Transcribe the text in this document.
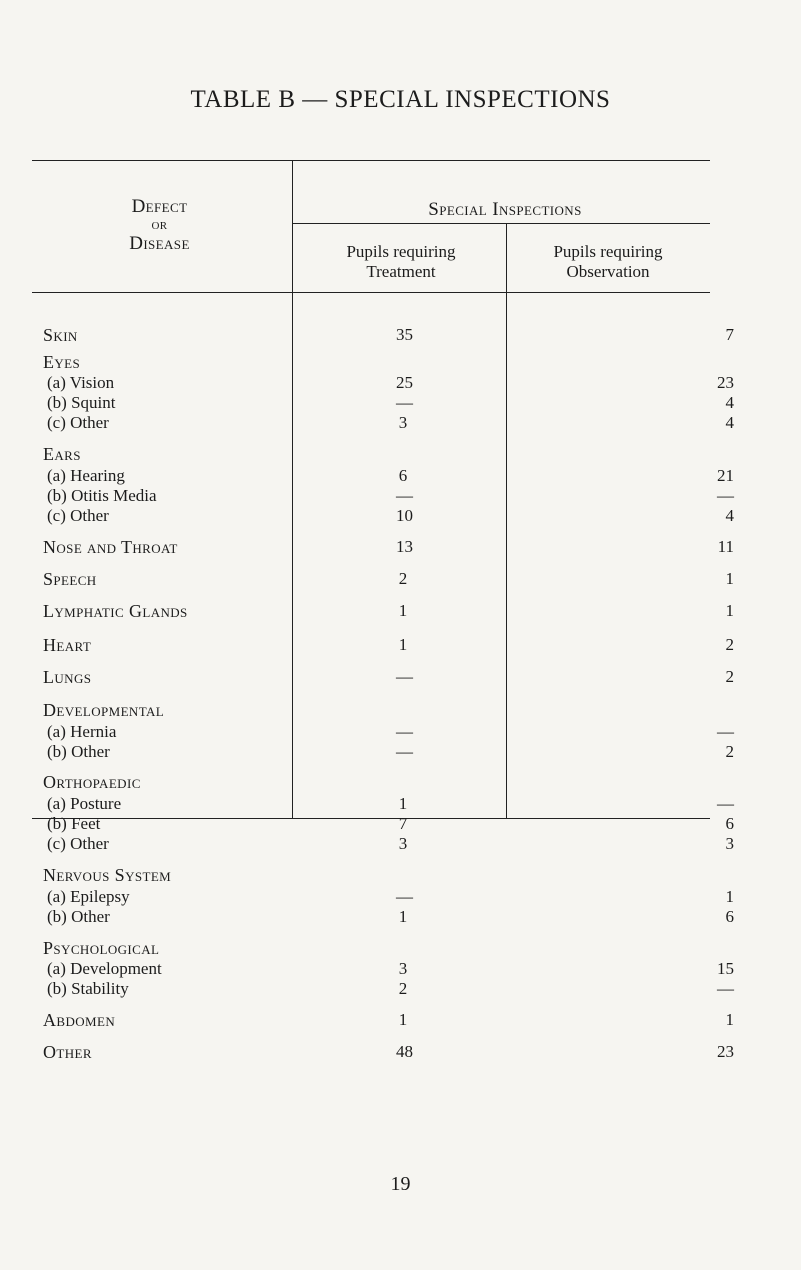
TABLE B — SPECIAL INSPECTIONS
Defect
or
Disease
Special Inspections
Pupils requiring
Treatment
Pupils requiring
Observation
Skin	35	7
Eyes
(a) Vision	25	23
(b) Squint	—	4
(c) Other	3	4
Ears
(a) Hearing	6	21
(b) Otitis Media	—	—
(c) Other	10	4
Nose and Throat	13	11
Speech	2	1
Lymphatic Glands	1	1
Heart	1	2
Lungs	—	2
Developmental
(a) Hernia	—	—
(b) Other	—	2
Orthopaedic
(a) Posture	1	—
(b) Feet	7	6
(c) Other	3	3
Nervous System
(a) Epilepsy	—	1
(b) Other	1	6
Psychological
(a) Development	3	15
(b) Stability	2	—
Abdomen	1	1
Other	48	23
19
